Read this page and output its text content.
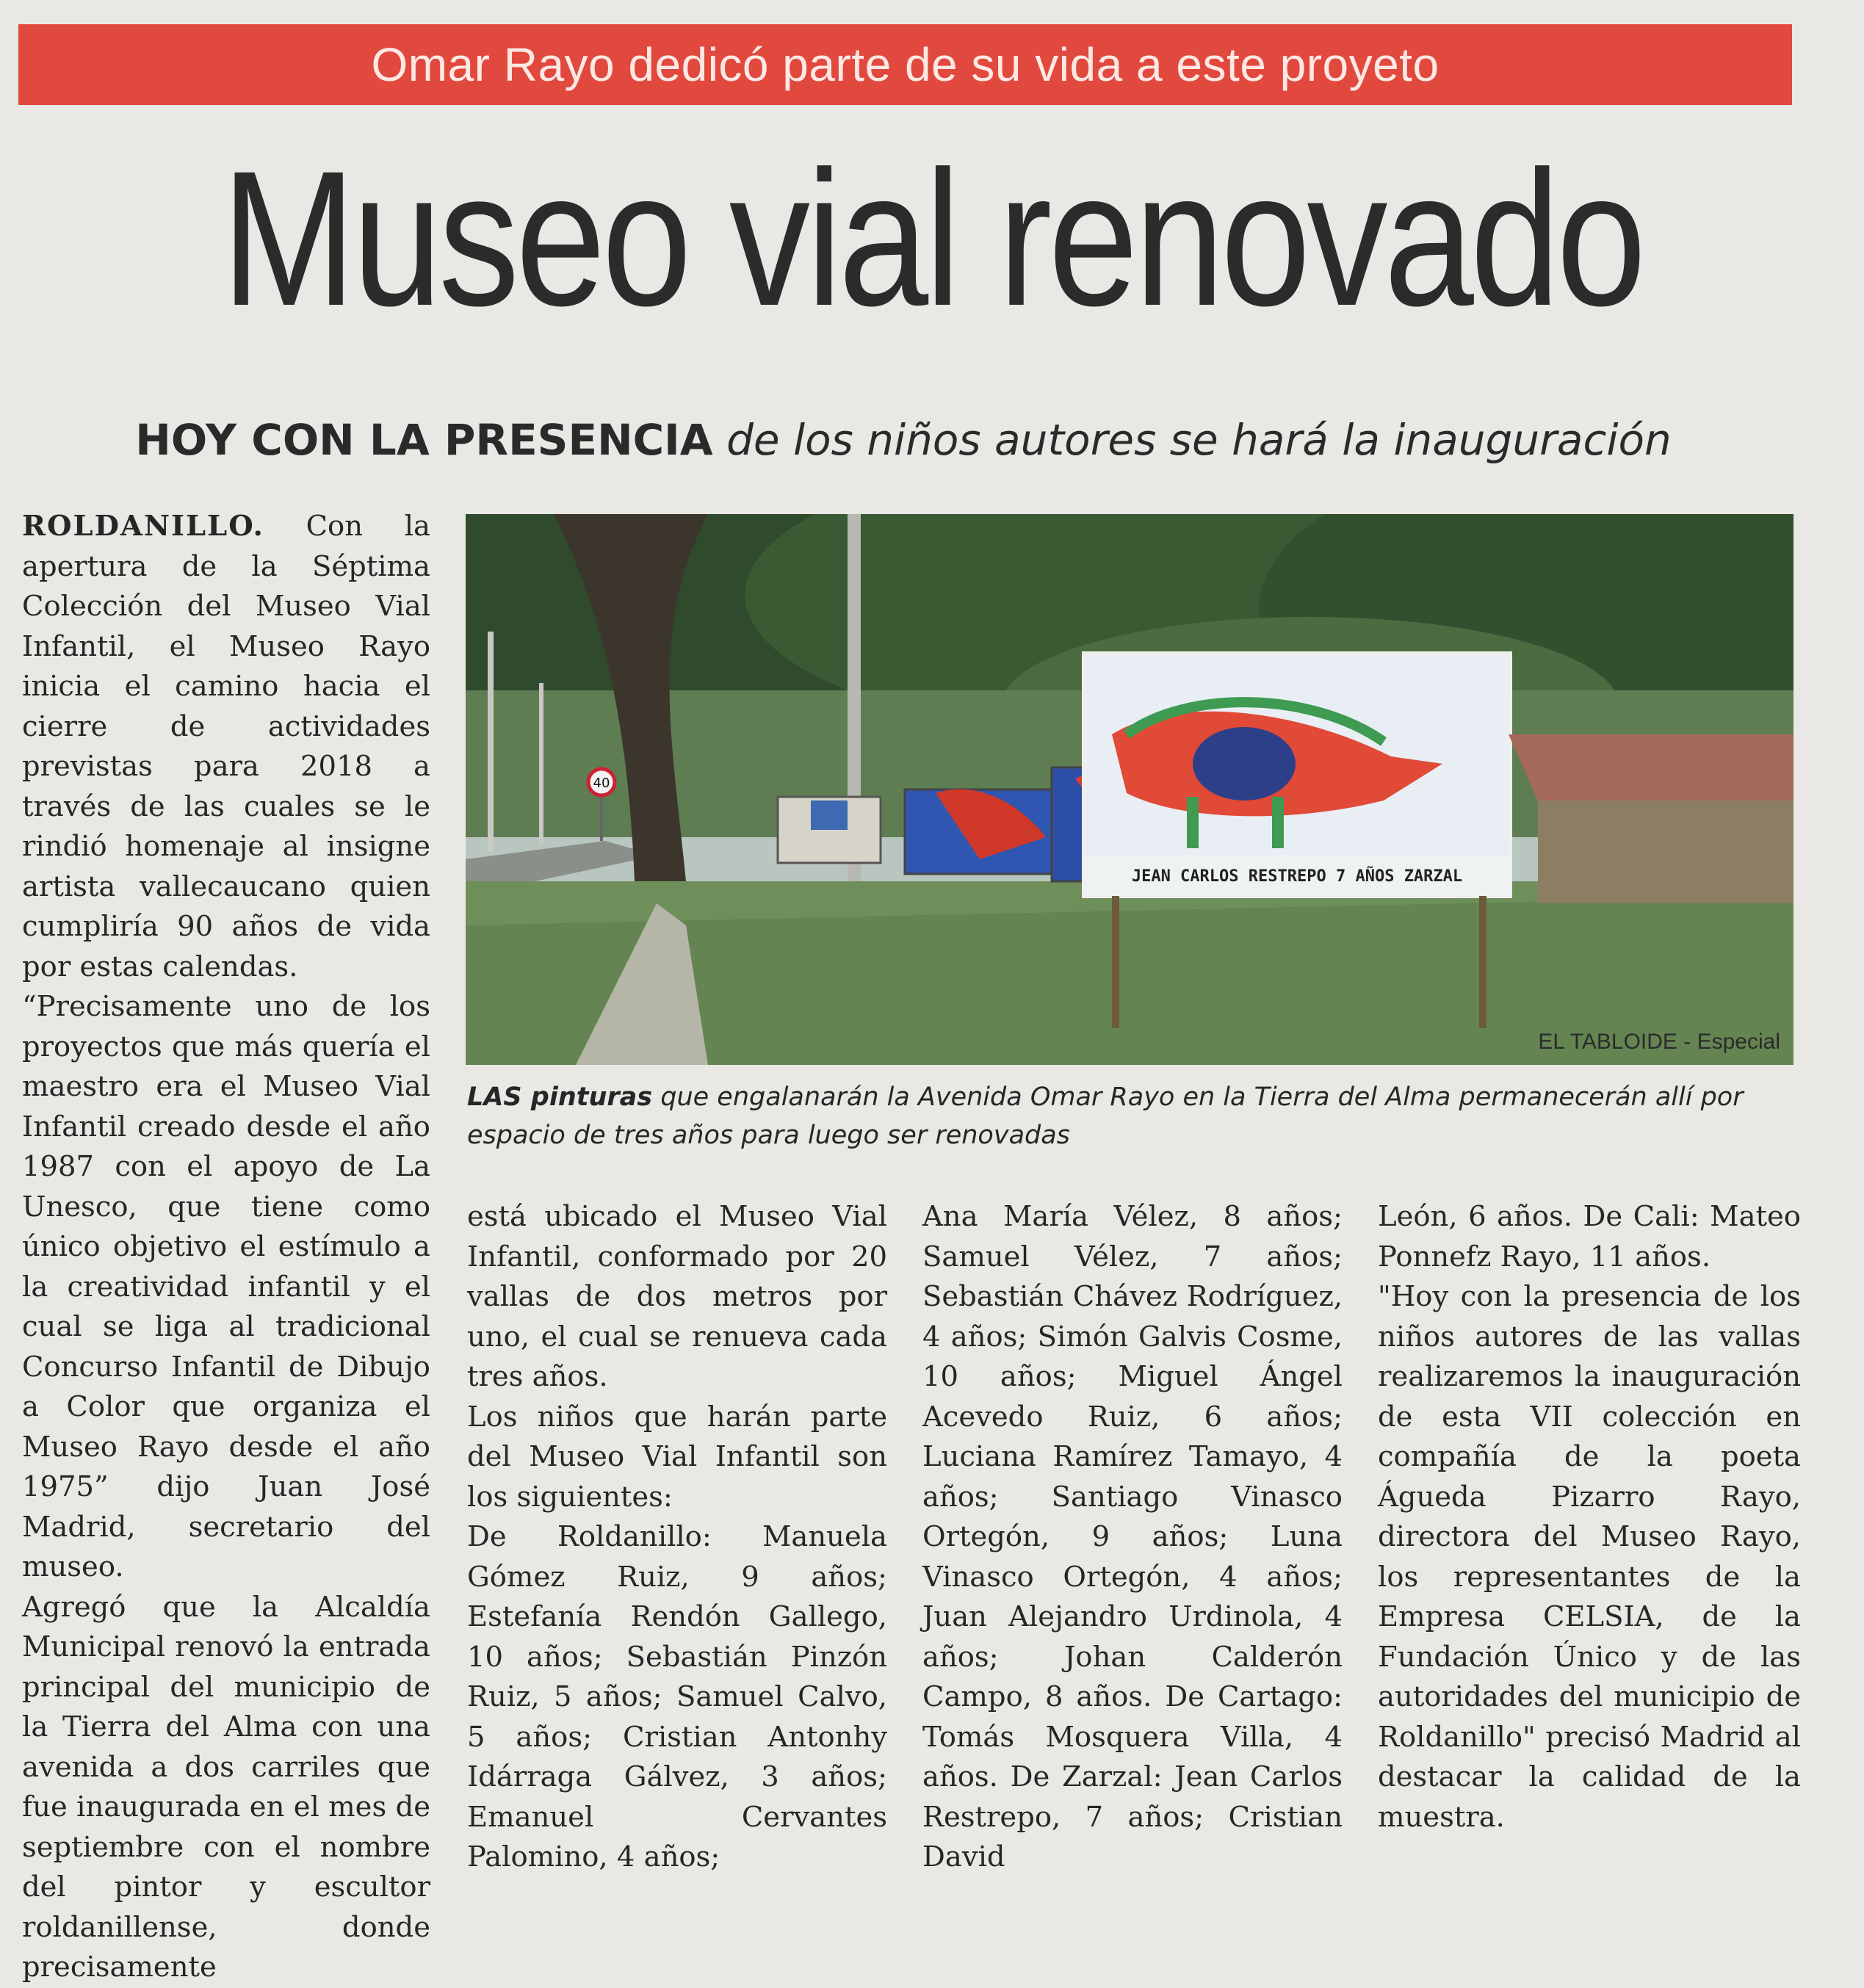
Omar Rayo dedicó parte de su vida a este proyeto
Museo vial renovado
HOY CON LA PRESENCIA de los niños autores se hará la inauguración

ROLDANILLO. Con la apertura de la Séptima Colección del Museo Vial Infantil, el Museo Rayo inicia el camino hacia el cierre de actividades previstas para 2018 a través de las cuales se le rindió homenaje al insigne artista vallecaucano quien cumpliría 90 años de vida por estas calendas.

“Precisamente uno de los proyectos que más quería el maestro era el Museo Vial Infantil creado desde el año 1987 con el apoyo de La Unesco, que tiene como único objetivo el estímulo a la creatividad infantil y el cual se liga al tradicional Concurso Infantil de Dibujo a Color que organiza el Museo Rayo desde el año 1975” dijo Juan José Madrid, secretario del museo.

Agregó que la Alcaldía Municipal renovó la entrada principal del municipio de la Tierra del Alma con una avenida a dos carriles que fue inaugurada en el mes de septiembre con el nombre del pintor y escultor roldanillense, donde precisamente

40
JEAN CARLOS RESTREPO 7 AÑOS ZARZAL
EL TABLOIDE - Especial
LAS pinturas que engalanarán la Avenida Omar Rayo en la Tierra del Alma permanecerán allí por espacio de tres años para luego ser renovadas

está ubicado el Museo Vial Infantil, conformado por 20 vallas de dos metros por uno, el cual se renueva cada tres años.

Los niños que harán parte del Museo Vial Infantil son los siguientes:

De Roldanillo: Manuela Gómez Ruiz, 9 años; Estefanía Rendón Gallego, 10 años; Sebastián Pinzón Ruiz, 5 años; Samuel Calvo, 5 años; Cristian Antonhy Idárraga Gálvez, 3 años; Emanuel Cervantes Palomino, 4 años;

Ana María Vélez, 8 años; Samuel Vélez, 7 años; Sebastián Chávez Rodríguez, 4 años; Simón Galvis Cosme, 10 años; Miguel Ángel Acevedo Ruiz, 6 años; Luciana Ramírez Tamayo, 4 años; Santiago Vinasco Ortegón, 9 años; Luna Vinasco Ortegón, 4 años; Juan Alejandro Urdinola, 4 años; Johan Calderón Campo, 8 años. De Cartago: Tomás Mosquera Villa, 4 años. De Zarzal: Jean Carlos Restrepo, 7 años; Cristian David

León, 6 años. De Cali: Mateo Ponnefz Rayo, 11 años.

"Hoy con la presencia de los niños autores de las vallas realizaremos la inauguración de esta VII colección en compañía de la poeta Águeda Pizarro Rayo, directora del Museo Rayo, los representantes de la Empresa CELSIA, de la Fundación Único y de las autoridades del municipio de Roldanillo" precisó Madrid al destacar la calidad de la muestra.
